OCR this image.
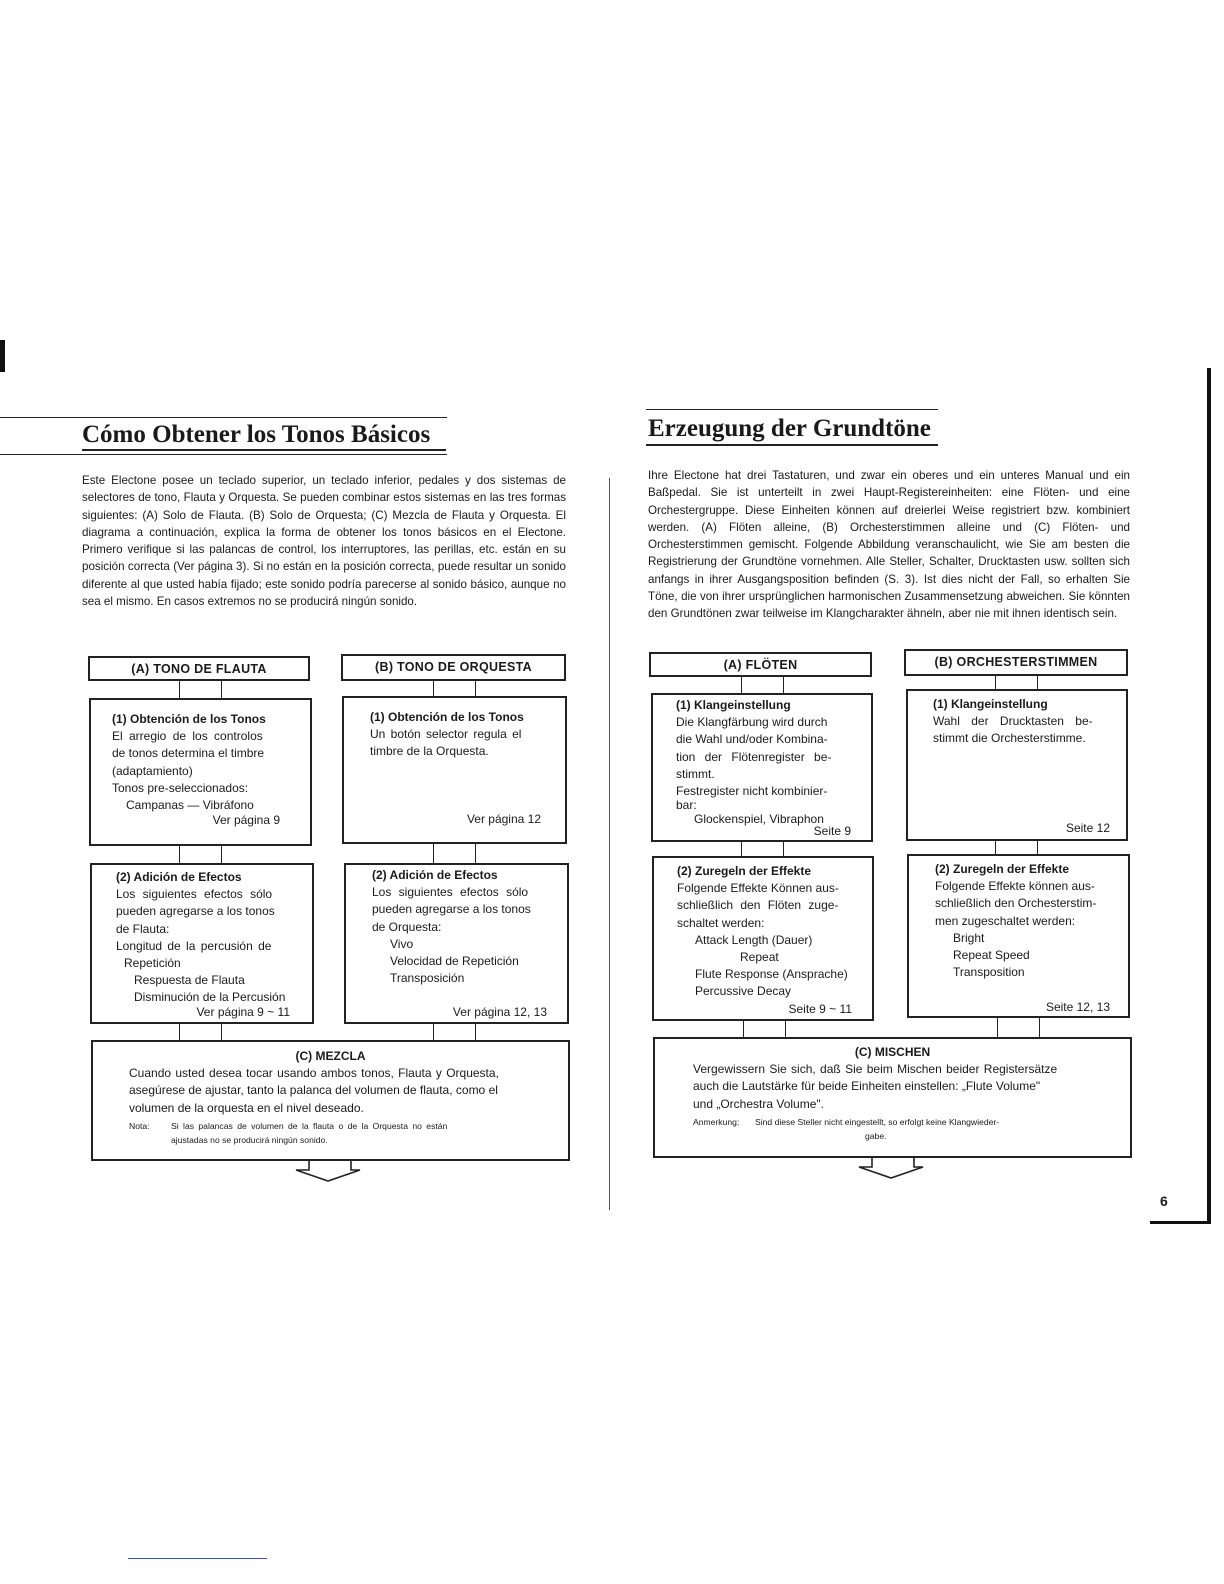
Cómo Obtener los Tonos Básicos
Este Electone posee un teclado superior, un teclado inferior, pedales y dos sistemas de selectores de tono, Flauta y Orquesta. Se pueden combinar estos sistemas en las tres formas siguientes: (A) Solo de Flauta. (B) Solo de Orquesta; (C) Mezcla de Flauta y Orquesta. El diagrama a continuación, explica la forma de obtener los tonos básicos en el Electone. Primero verifique si las palancas de control, los interruptores, las perillas, etc. están en su posición correcta (Ver página 3). Si no están en la posición correcta, puede resultar un sonido diferente al que usted había fijado; este sonido podría parecerse al sonido básico, aunque no sea el mismo. En casos extremos no se producirá ningún sonido.
(A) TONO DE FLAUTA	(B) TONO DE ORQUESTA
(1) Obtención de los Tonos
El arregio de los controlos
de tonos determina el timbre
(adaptamiento)
Tonos pre-seleccionados:
Campanas — Vibráfono
Ver página 9
(1) Obtención de los Tonos
Un botón selector regula el
timbre de la Orquesta.
Ver página 12
(2) Adición de Efectos
Los siguientes efectos sólo
pueden agregarse a los tonos
de Flauta:
Longitud de la percusión de
Repetición
Respuesta de Flauta
Disminución de la Percusión
Ver página 9 ~ 11
(2) Adición de Efectos
Los siguientes efectos sólo
pueden agregarse a los tonos
de Orquesta:
Vivo
Velocidad de Repetición
Transposición
Ver página 12, 13
(C) MEZCLA
Cuando usted desea tocar usando ambos tonos, Flauta y Orquesta,
asegúrese de ajustar, tanto la palanca del volumen de flauta, como el
volumen de la orquesta en el nivel deseado.
Nota:	Si las palancas de volumen de la flauta o de la Orquesta no están
ajustadas no se producirá ningún sonido.
Erzeugung der Grundtöne
Ihre Electone hat drei Tastaturen, und zwar ein oberes und ein unteres Manual und ein Baßpedal. Sie ist unterteilt in zwei Haupt-Registereinheiten: eine Flöten- und eine Orchestergruppe. Diese Einheiten können auf dreierlei Weise registriert bzw. kombiniert werden. (A) Flöten alleine, (B) Orchesterstimmen alleine und (C) Flöten- und Orchesterstimmen gemischt. Folgende Abbildung veranschaulicht, wie Sie am besten die Registrierung der Grundtöne vornehmen. Alle Steller, Schalter, Drucktasten usw. sollten sich anfangs in ihrer Ausgangsposition befinden (S. 3). Ist dies nicht der Fall, so erhalten Sie Töne, die von ihrer ursprünglichen harmonischen Zusammensetzung abweichen. Sie könnten den Grundtönen zwar teilweise im Klangcharakter ähneln, aber nie mit ihnen identisch sein.
(A) FLÖTEN	(B) ORCHESTERSTIMMEN
(1) Klangeinstellung
Die Klangfärbung wird durch
die Wahl und/oder Kombina-
tion der Flötenregister be-
stimmt.
Festregister nicht kombinier-
bar:
Glockenspiel, Vibraphon
Seite 9
(1) Klangeinstellung
Wahl der Drucktasten be-
stimmt die Orchesterstimme.
Seite 12
(2) Zuregeln der Effekte
Folgende Effekte Können aus-
schließlich den Flöten zuge-
schaltet werden:
Attack Length (Dauer)
Repeat
Flute Response (Ansprache)
Percussive Decay
Seite 9 ~ 11
(2) Zuregeln der Effekte
Folgende Effekte können aus-
schließlich den Orchesterstim-
men zugeschaltet werden:
Bright
Repeat Speed
Transposition
Seite 12, 13
(C) MISCHEN
Vergewissern Sie sich, daß Sie beim Mischen beider Registersätze
auch die Lautstärke für beide Einheiten einstellen: „Flute Volume"
und „Orchestra Volume".
Anmerkung:	Sind diese Steller nicht eingestellt, so erfolgt keine Klangwieder-
gabe.
6
